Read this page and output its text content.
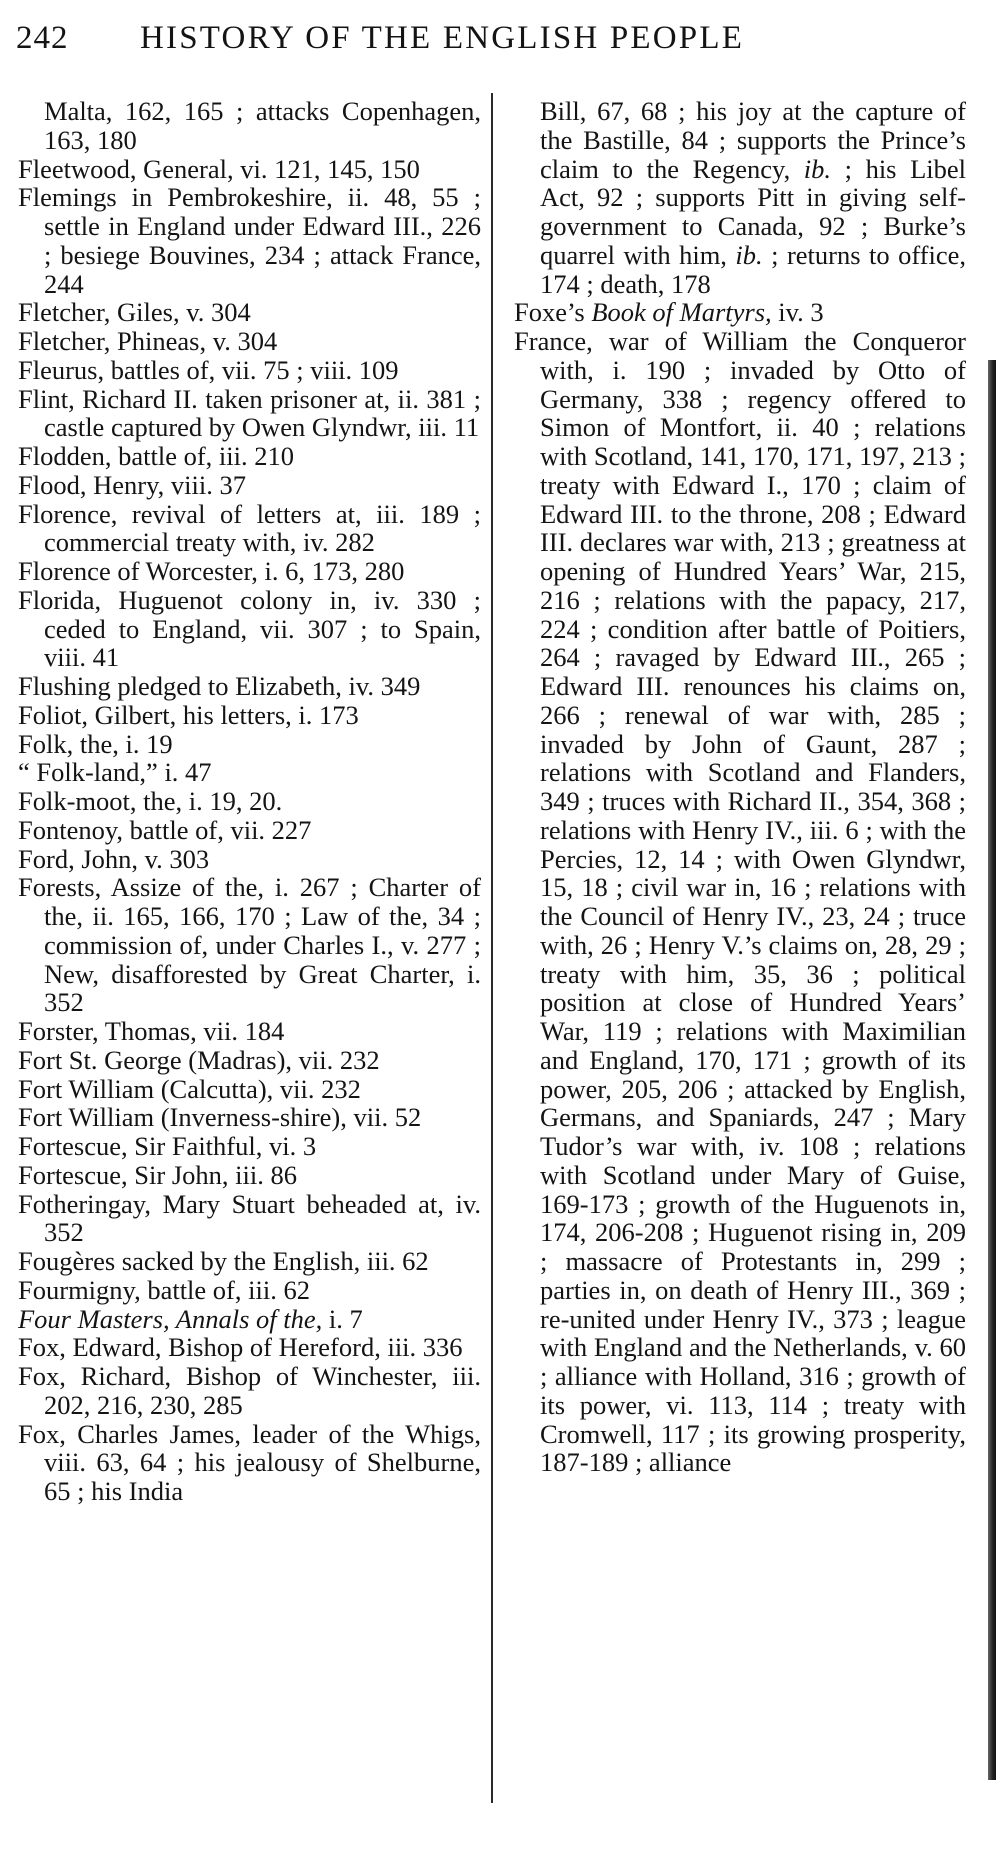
242 HISTORY OF THE ENGLISH PEOPLE

Malta, 162, 165 ; attacks Copenhagen, 163, 180

Fleetwood, General, vi. 121, 145, 150

Flemings in Pembrokeshire, ii. 48, 55 ; settle in England under Edward III., 226 ; besiege Bouvines, 234 ; attack France, 244

Fletcher, Giles, v. 304

Fletcher, Phineas, v. 304

Fleurus, battles of, vii. 75 ; viii. 109

Flint, Richard II. taken prisoner at, ii. 381 ; castle captured by Owen Glyndwr, iii. 11

Flodden, battle of, iii. 210

Flood, Henry, viii. 37

Florence, revival of letters at, iii. 189 ; commercial treaty with, iv. 282

Florence of Worcester, i. 6, 173, 280

Florida, Huguenot colony in, iv. 330 ; ceded to England, vii. 307 ; to Spain, viii. 41

Flushing pledged to Elizabeth, iv. 349

Foliot, Gilbert, his letters, i. 173

Folk, the, i. 19

“ Folk-land,” i. 47

Folk-moot, the, i. 19, 20.

Fontenoy, battle of, vii. 227

Ford, John, v. 303

Forests, Assize of the, i. 267 ; Charter of the, ii. 165, 166, 170 ; Law of the, 34 ; commission of, under Charles I., v. 277 ; New, disafforested by Great Charter, i. 352

Forster, Thomas, vii. 184

Fort St. George (Madras), vii. 232

Fort William (Calcutta), vii. 232

Fort William (Inverness-shire), vii. 52

Fortescue, Sir Faithful, vi. 3

Fortescue, Sir John, iii. 86

Fotheringay, Mary Stuart beheaded at, iv. 352

Fougères sacked by the English, iii. 62

Fourmigny, battle of, iii. 62

Four Masters, Annals of the, i. 7

Fox, Edward, Bishop of Hereford, iii. 336

Fox, Richard, Bishop of Winchester, iii. 202, 216, 230, 285

Fox, Charles James, leader of the Whigs, viii. 63, 64 ; his jealousy of Shelburne, 65 ; his India

Bill, 67, 68 ; his joy at the capture of the Bastille, 84 ; supports the Prince’s claim to the Regency, ib. ; his Libel Act, 92 ; supports Pitt in giving self-government to Canada, 92 ; Burke’s quarrel with him, ib. ; returns to office, 174 ; death, 178

Foxe’s Book of Martyrs, iv. 3

France, war of William the Conqueror with, i. 190 ; invaded by Otto of Germany, 338 ; regency offered to Simon of Montfort, ii. 40 ; relations with Scotland, 141, 170, 171, 197, 213 ; treaty with Edward I., 170 ; claim of Edward III. to the throne, 208 ; Edward III. declares war with, 213 ; greatness at opening of Hundred Years’ War, 215, 216 ; relations with the papacy, 217, 224 ; condition after battle of Poitiers, 264 ; ravaged by Edward III., 265 ; Edward III. renounces his claims on, 266 ; renewal of war with, 285 ; invaded by John of Gaunt, 287 ; relations with Scotland and Flanders, 349 ; truces with Richard II., 354, 368 ; relations with Henry IV., iii. 6 ; with the Percies, 12, 14 ; with Owen Glyndwr, 15, 18 ; civil war in, 16 ; relations with the Council of Henry IV., 23, 24 ; truce with, 26 ; Henry V.’s claims on, 28, 29 ; treaty with him, 35, 36 ; political position at close of Hundred Years’ War, 119 ; relations with Maximilian and England, 170, 171 ; growth of its power, 205, 206 ; attacked by English, Germans, and Spaniards, 247 ; Mary Tudor’s war with, iv. 108 ; relations with Scotland under Mary of Guise, 169-173 ; growth of the Huguenots in, 174, 206-208 ; Huguenot rising in, 209 ; massacre of Protestants in, 299 ; parties in, on death of Henry III., 369 ; re-united under Henry IV., 373 ; league with England and the Netherlands, v. 60 ; alliance with Holland, 316 ; growth of its power, vi. 113, 114 ; treaty with Cromwell, 117 ; its growing prosperity, 187-189 ; alliance
